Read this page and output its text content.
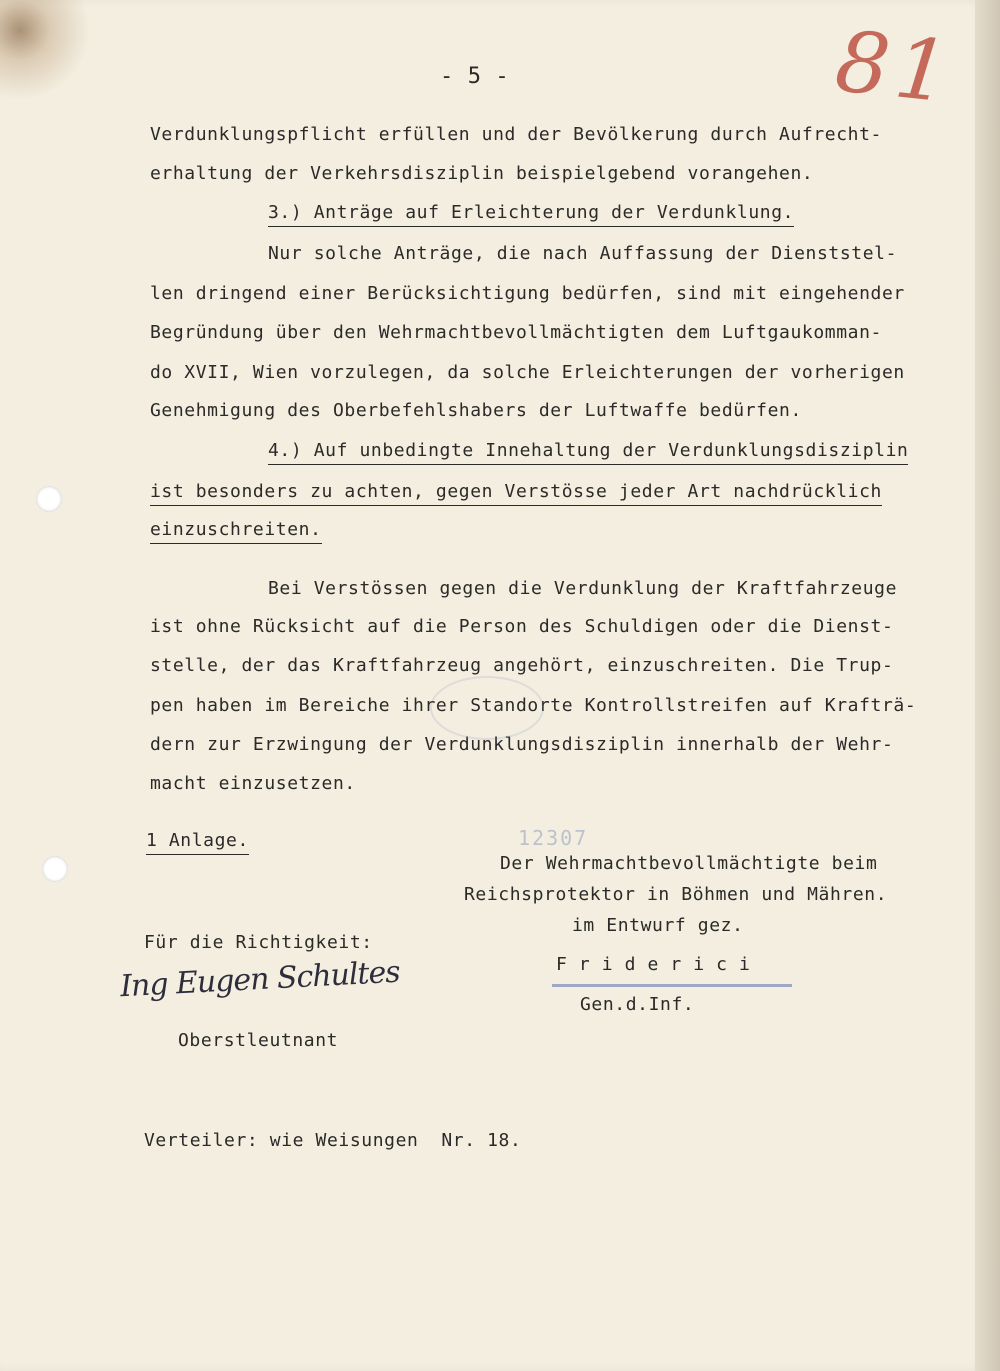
81
- 5 -
Verdunklungspflicht erfüllen und der Bevölkerung durch Aufrecht-
erhaltung der Verkehrsdisziplin beispielgebend vorangehen.
3.) Anträge auf Erleichterung der Verdunklung.
Nur solche Anträge, die nach Auffassung der Dienststel-
len dringend einer Berücksichtigung bedürfen, sind mit eingehender
Begründung über den Wehrmachtbevollmächtigten dem Luftgaukomman-
do XVII, Wien vorzulegen, da solche Erleichterungen der vorherigen
Genehmigung des Oberbefehlshabers der Luftwaffe bedürfen.
4.) Auf unbedingte Innehaltung der Verdunklungsdisziplin
ist besonders zu achten, gegen Verstösse jeder Art nachdrücklich
einzuschreiten.
Bei Verstössen gegen die Verdunklung der Kraftfahrzeuge
ist ohne Rücksicht auf die Person des Schuldigen oder die Dienst-
stelle, der das Kraftfahrzeug angehört, einzuschreiten. Die Trup-
pen haben im Bereiche ihrer Standorte Kontrollstreifen auf Krafträ-
dern zur Erzwingung der Verdunklungsdisziplin innerhalb der Wehr-
macht einzusetzen.
12307
1 Anlage.
Der Wehrmachtbevollmächtigte beim
Reichsprotektor in Böhmen und Mähren.
im Entwurf gez.
Für die Richtigkeit:
F r i d e r i c i
Gen.d.Inf.
Ing Eugen Schultes
Oberstleutnant
Verteiler: wie Weisungen  Nr. 18.
